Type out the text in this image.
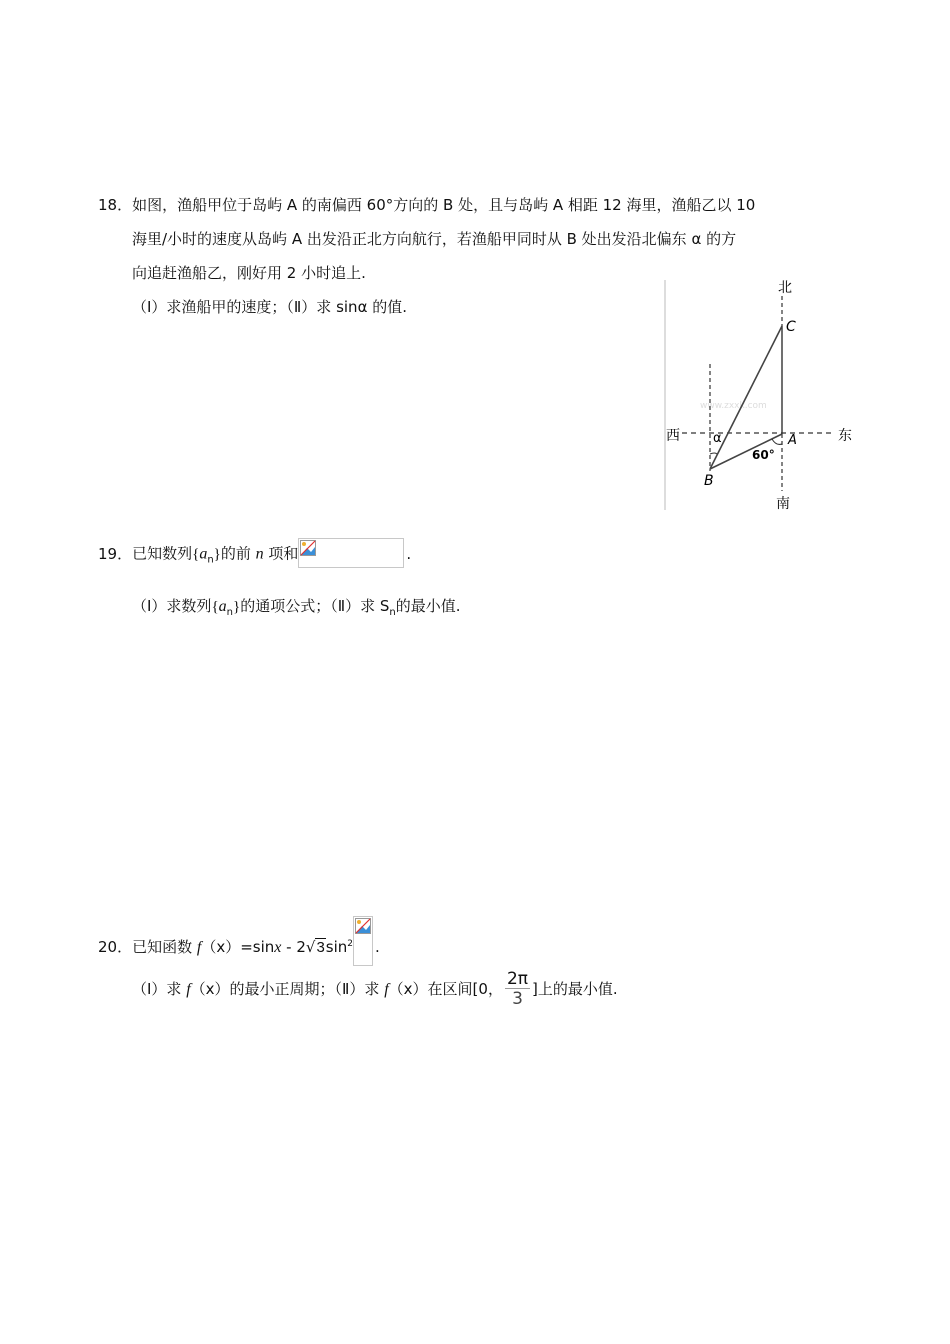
18．如图，渔船甲位于岛屿 A 的南偏西 60°方向的 B 处，且与岛屿 A 相距 12 海里，渔船乙以 10
海里/小时的速度从岛屿 A 出发沿正北方向航行，若渔船甲同时从 B 处出发沿北偏东 α 的方
向追赶渔船乙，刚好用 2 小时追上.
（Ⅰ）求渔船甲的速度；（Ⅱ）求 sinα 的值.
www.zxxk.com
北
南
西	东
C
A
B
α
60°
19．已知数列$\{a_n\}$的前 n 项和	.
（Ⅰ）求数列$\{a_n\}$的通项公式；（Ⅱ）求 $S_n$的最小值.
20．已知函数 f（x）=sinx ‑ $2√3\sin^2$ .
（Ⅰ）求 f（x）的最小正周期；（Ⅱ）求 f（x）在区间[0， $\frac{2\pi}{3}$ ]上的最小值.
